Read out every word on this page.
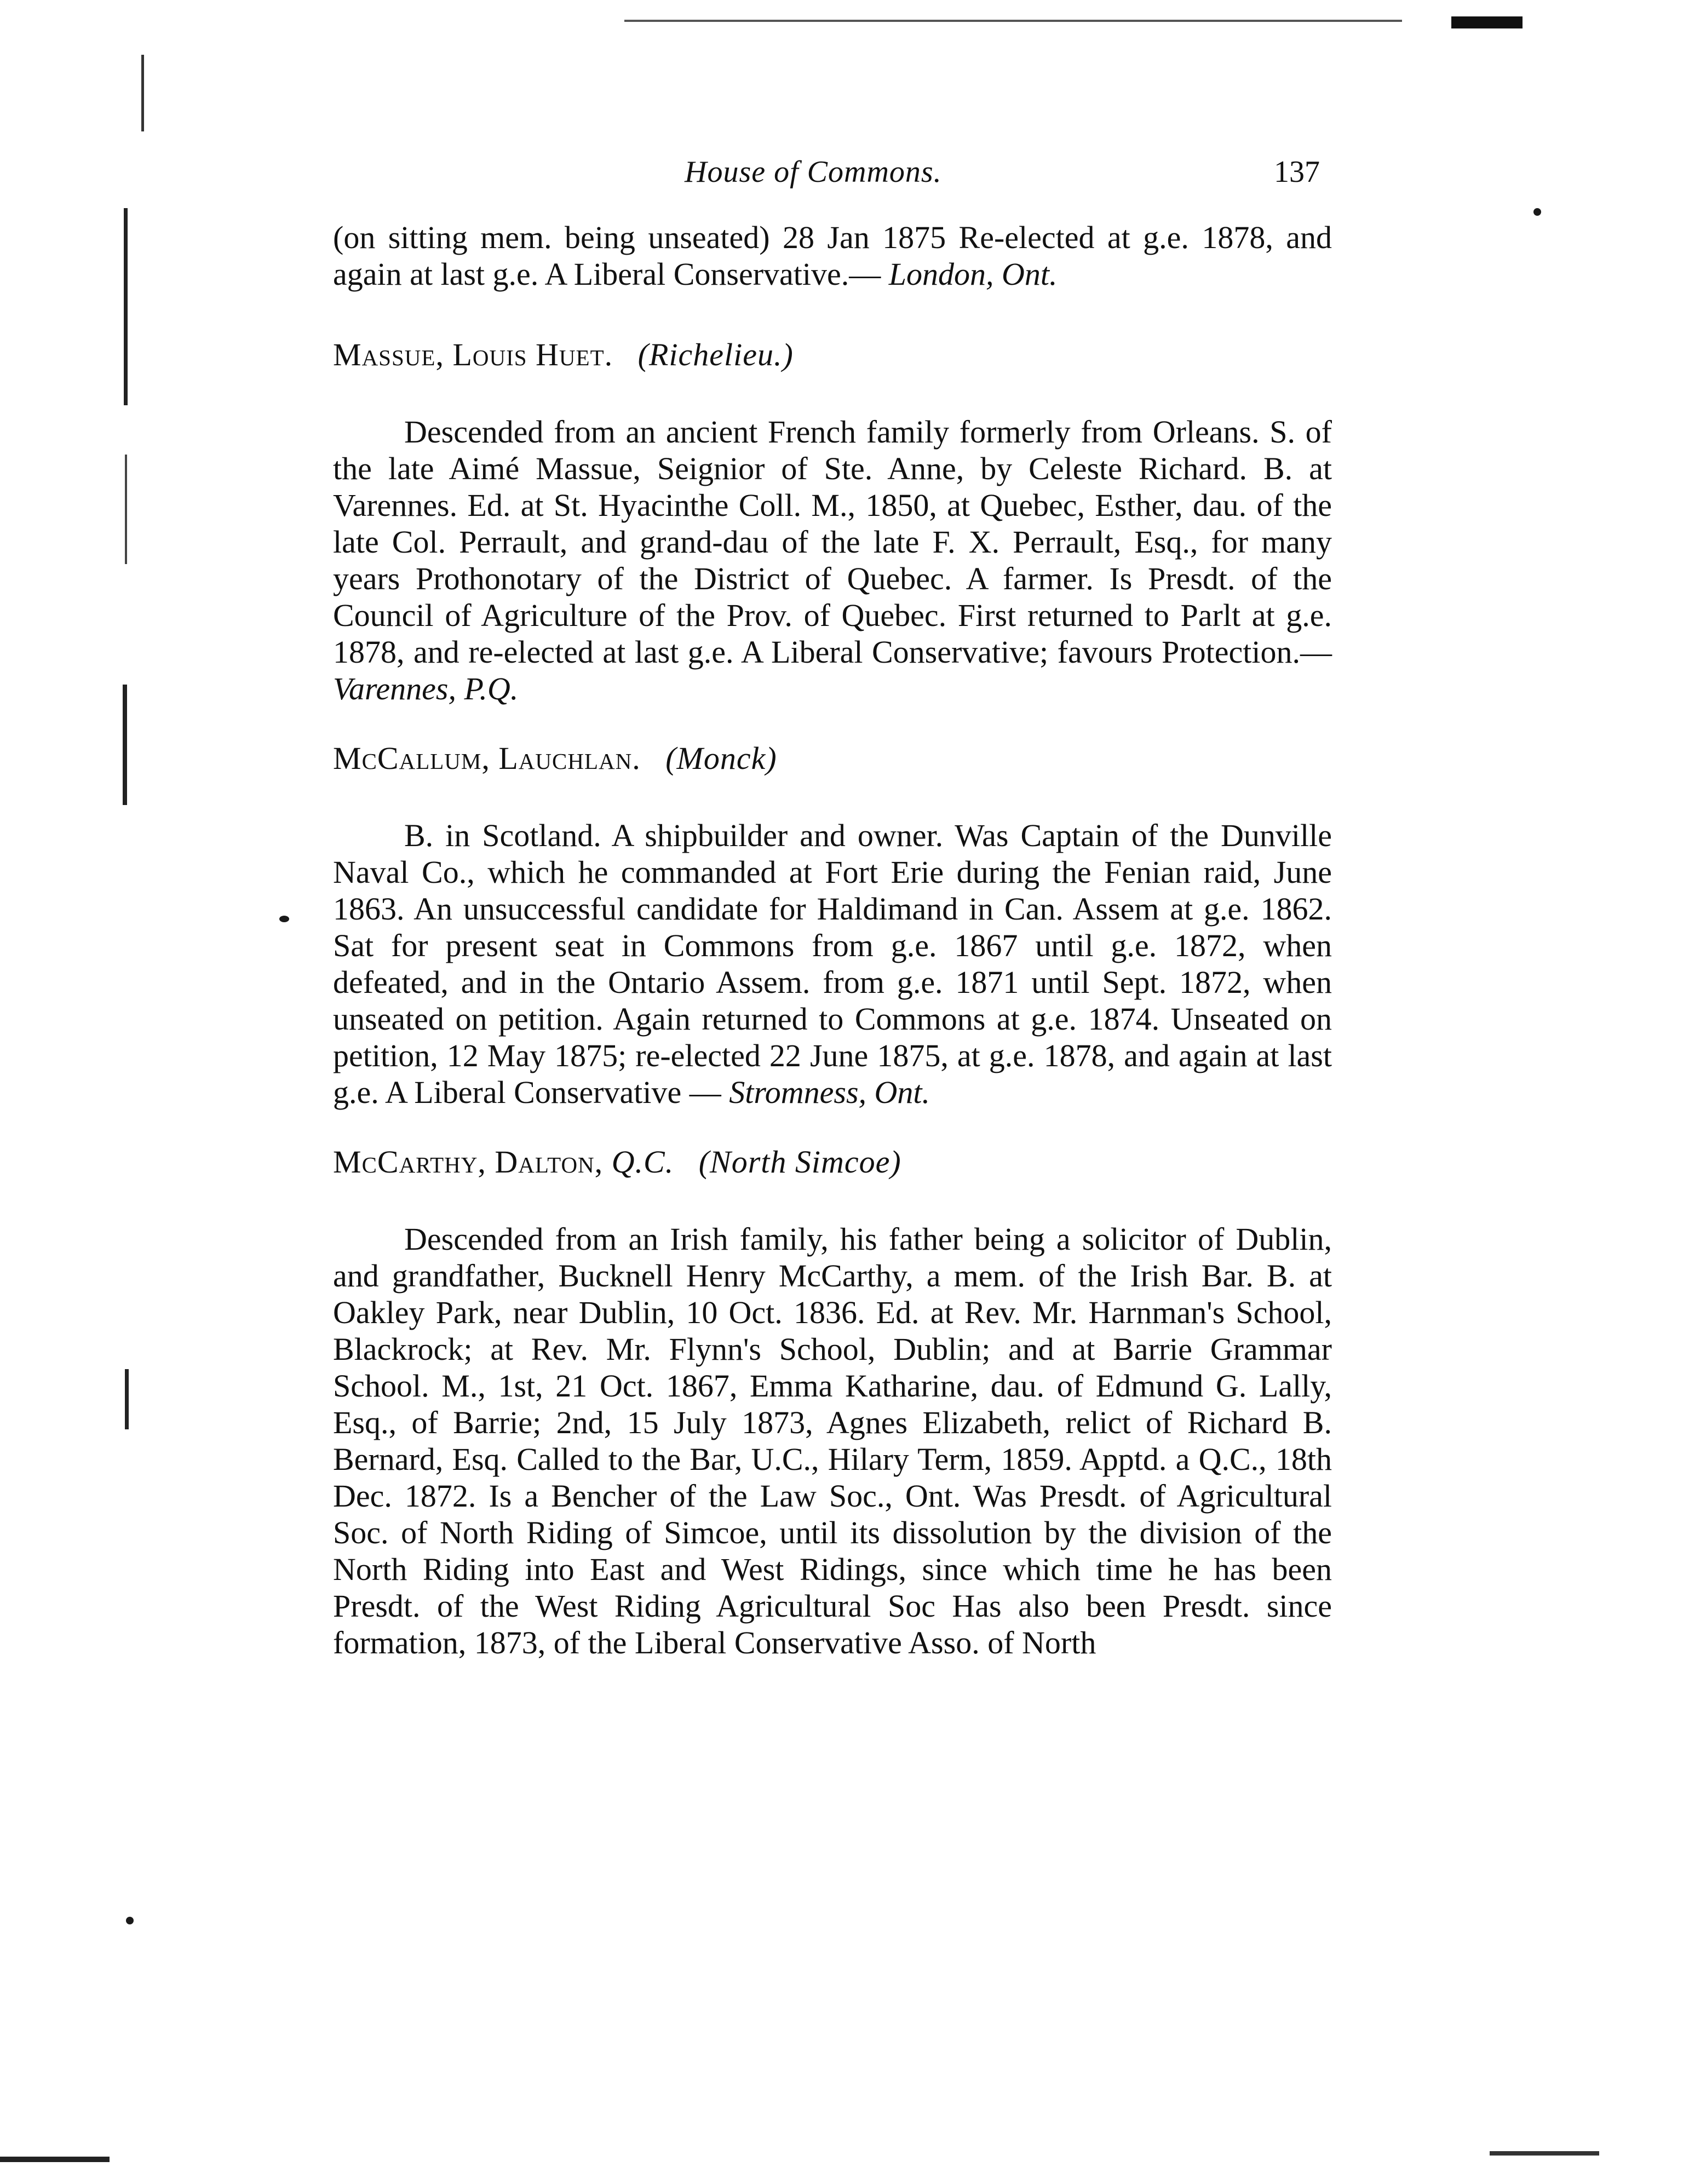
House of Commons.	137

(on sitting mem. being unseated) 28 Jan 1875 Re-elected at g.e. 1878, and again at last g.e. A Liberal Conservative.— London, Ont.

Massue, Louis Huet. (Richelieu.)

Descended from an ancient French family formerly from Orleans. S. of the late Aimé Massue, Seignior of Ste. Anne, by Celeste Richard. B. at Varennes. Ed. at St. Hyacinthe Coll. M., 1850, at Quebec, Esther, dau. of the late Col. Perrault, and grand-dau of the late F. X. Perrault, Esq., for many years Prothonotary of the District of Quebec. A farmer. Is Presdt. of the Council of Agriculture of the Prov. of Quebec. First returned to Parlt at g.e. 1878, and re-elected at last g.e. A Liberal Conservative; favours Protection.— Varennes, P.Q.

McCallum, Lauchlan. (Monck)

B. in Scotland. A shipbuilder and owner. Was Captain of the Dunville Naval Co., which he commanded at Fort Erie during the Fenian raid, June 1863. An unsuccessful candidate for Haldimand in Can. Assem at g.e. 1862. Sat for present seat in Commons from g.e. 1867 until g.e. 1872, when defeated, and in the Ontario Assem. from g.e. 1871 until Sept. 1872, when unseated on petition. Again returned to Commons at g.e. 1874. Unseated on petition, 12 May 1875; re-elected 22 June 1875, at g.e. 1878, and again at last g.e. A Liberal Conservative — Stromness, Ont.

McCarthy, Dalton, Q.C. (North Simcoe)

Descended from an Irish family, his father being a solicitor of Dublin, and grandfather, Bucknell Henry McCarthy, a mem. of the Irish Bar. B. at Oakley Park, near Dublin, 10 Oct. 1836. Ed. at Rev. Mr. Harnman's School, Blackrock; at Rev. Mr. Flynn's School, Dublin; and at Barrie Grammar School. M., 1st, 21 Oct. 1867, Emma Katharine, dau. of Edmund G. Lally, Esq., of Barrie; 2nd, 15 July 1873, Agnes Elizabeth, relict of Richard B. Bernard, Esq. Called to the Bar, U.C., Hilary Term, 1859. Apptd. a Q.C., 18th Dec. 1872. Is a Bencher of the Law Soc., Ont. Was Presdt. of Agricultural Soc. of North Riding of Simcoe, until its dissolution by the division of the North Riding into East and West Ridings, since which time he has been Presdt. of the West Riding Agricultural Soc Has also been Presdt. since formation, 1873, of the Liberal Conservative Asso. of North
